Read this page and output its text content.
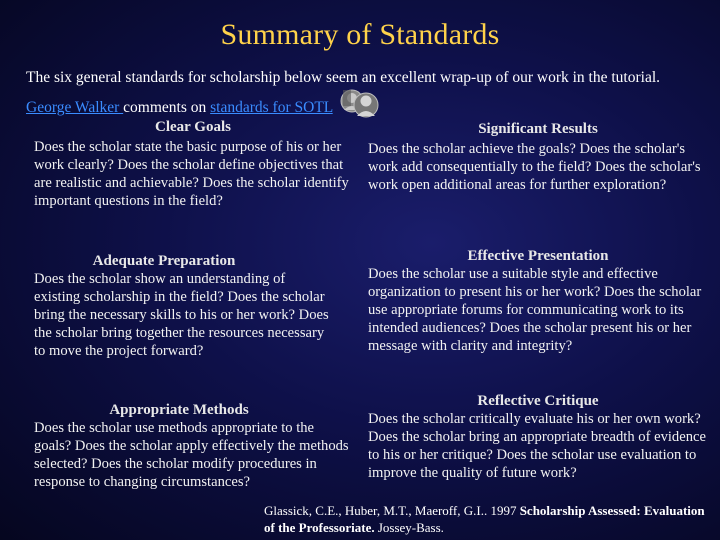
Summary of Standards
The six general standards for scholarship below seem an excellent wrap-up of our work in the tutorial.
George Walker comments on standards for SOTL
Clear Goals
Does the scholar state the basic purpose of his or her work clearly? Does the scholar define objectives that are realistic and achievable? Does the scholar identify important questions in the field?
Significant Results
Does the scholar achieve the goals? Does the scholar's work add consequentially to the field? Does the scholar's work open additional areas for further exploration?
Adequate Preparation
Does the scholar show an understanding of existing scholarship in the field? Does the scholar bring the necessary skills to his or her work? Does the scholar bring together the resources necessary to move the project forward?
Effective Presentation
Does the scholar use a suitable style and effective organization to present his or her work? Does the scholar use appropriate forums for communicating work to its intended audiences? Does the scholar present his or her message with clarity and integrity?
Appropriate Methods
Does the scholar use methods appropriate to the goals? Does the scholar apply effectively the methods selected? Does the scholar modify procedures in response to changing circumstances?
Reflective Critique
Does the scholar critically evaluate his or her own work? Does the scholar bring an appropriate breadth of evidence to his or her critique? Does the scholar use evaluation to improve the quality of future work?
Glassick, C.E., Huber, M.T., Maeroff, G.I.. 1997 Scholarship Assessed: Evaluation of the Professoriate. Jossey-Bass.
